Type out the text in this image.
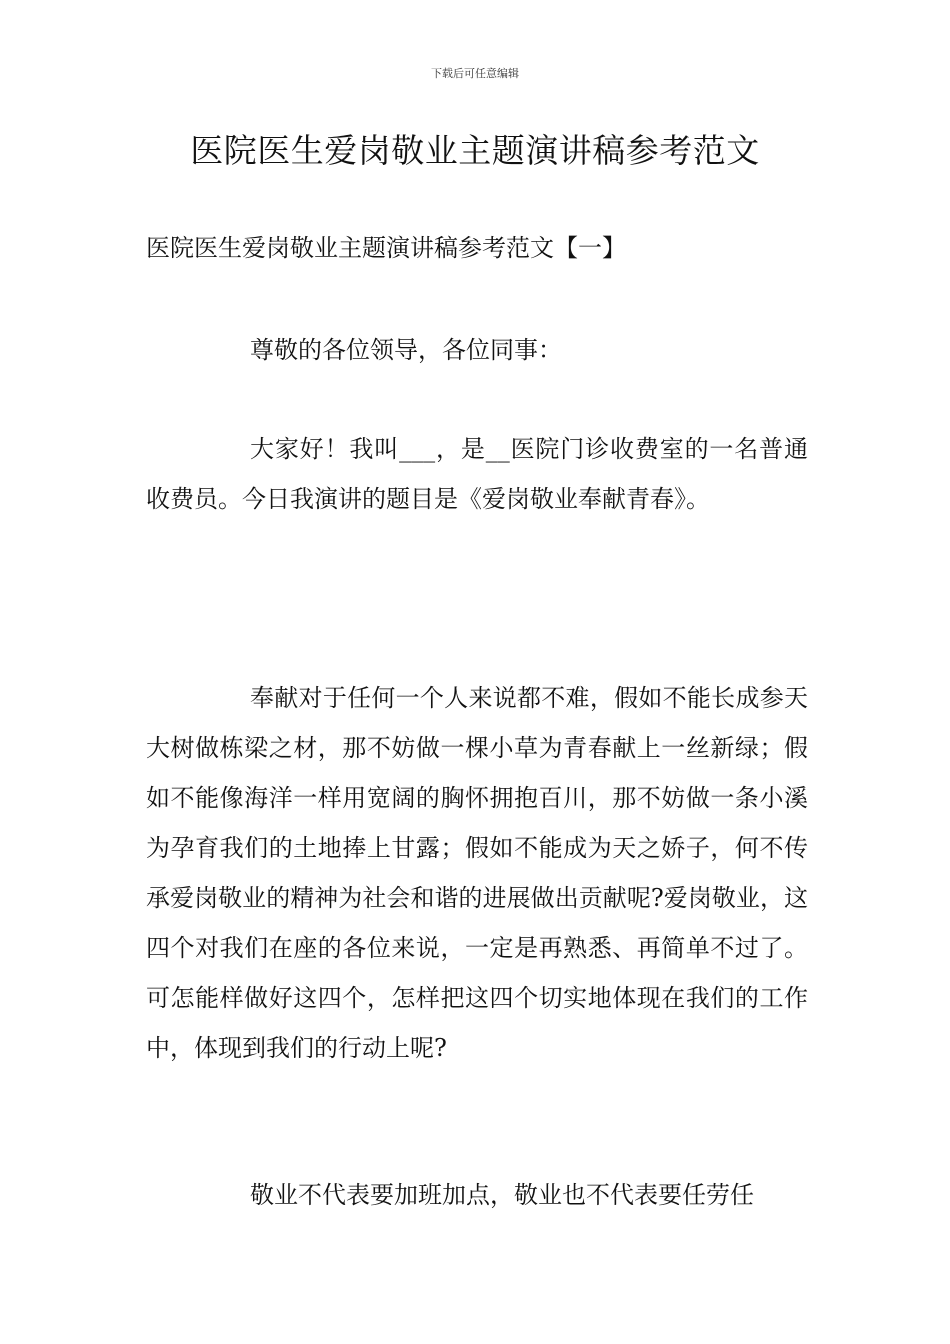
下载后可任意编辑
医院医生爱岗敬业主题演讲稿参考范文
医院医生爱岗敬业主题演讲稿参考范文【一】

尊敬的各位领导，各位同事：

大家好！我叫___，是__医院门诊收费室的一名普通收费员。今日我演讲的题目是《爱岗敬业奉献青春》。

奉献对于任何一个人来说都不难，假如不能长成参天大树做栋梁之材，那不妨做一棵小草为青春献上一丝新绿；假如不能像海洋一样用宽阔的胸怀拥抱百川，那不妨做一条小溪为孕育我们的土地捧上甘露；假如不能成为天之娇子，何不传承爱岗敬业的精神为社会和谐的进展做出贡献呢?爱岗敬业，这四个对我们在座的各位来说，一定是再熟悉、再简单不过了。可怎能样做好这四个，怎样把这四个切实地体现在我们的工作中，体现到我们的行动上呢?

敬业不代表要加班加点，敬业也不代表要任劳任
